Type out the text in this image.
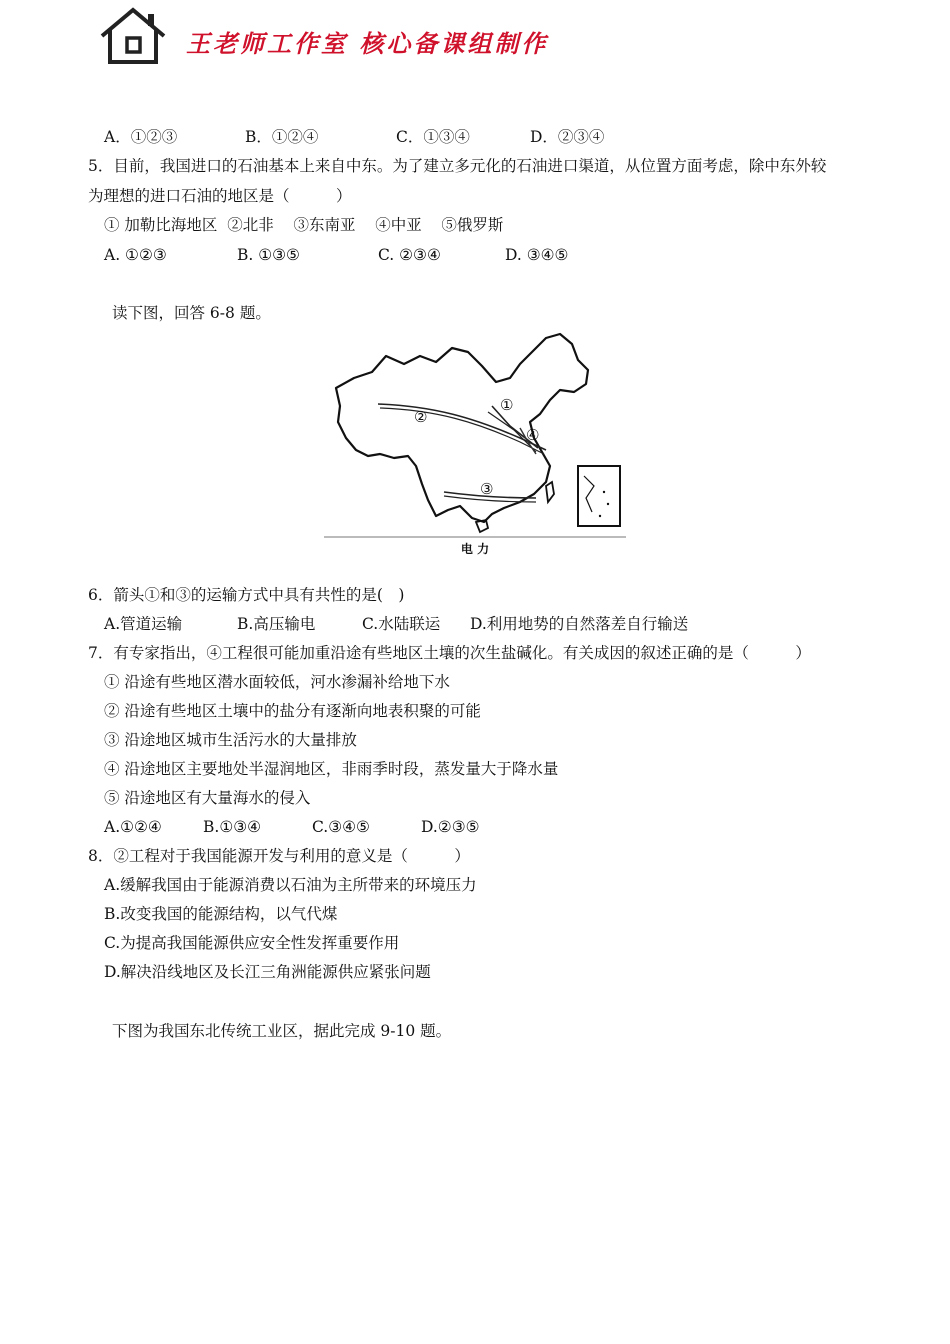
王老师工作室 核心备课组制作
A．①②③	B．①②④	C．①③④	D．②③④
5．目前，我国进口的石油基本上来自中东。为了建立多元化的石油进口渠道，从位置方面考虑，除中东外较
为理想的进口石油的地区是（　　　）
① 加勒比海地区  ②北非    ③东南亚    ④中亚    ⑤俄罗斯
A. ①②③	B. ①③⑤	C. ②③④	D. ③④⑤
读下图，回答 6-8 题。
②
①
④
③
电 力
6．箭头①和③的运输方式中具有共性的是(　)
A.管道运输	B.高压输电	C.水陆联运 D.利用地势的自然落差自行输送
7．有专家指出，④工程很可能加重沿途有些地区土壤的次生盐碱化。有关成因的叙述正确的是（　　　）
① 沿途有些地区潜水面较低，河水渗漏补给地下水
② 沿途有些地区土壤中的盐分有逐渐向地表积聚的可能
③ 沿途地区城市生活污水的大量排放
④ 沿途地区主要地处半湿润地区，非雨季时段，蒸发量大于降水量
⑤ 沿途地区有大量海水的侵入
A.①②④	B.①③④	C.③④⑤	D.②③⑤
8．②工程对于我国能源开发与利用的意义是（　　　）
A.缓解我国由于能源消费以石油为主所带来的环境压力
B.改变我国的能源结构，以气代煤
C.为提高我国能源供应安全性发挥重要作用
D.解决沿线地区及长江三角洲能源供应紧张问题
下图为我国东北传统工业区，据此完成 9-10 题。
